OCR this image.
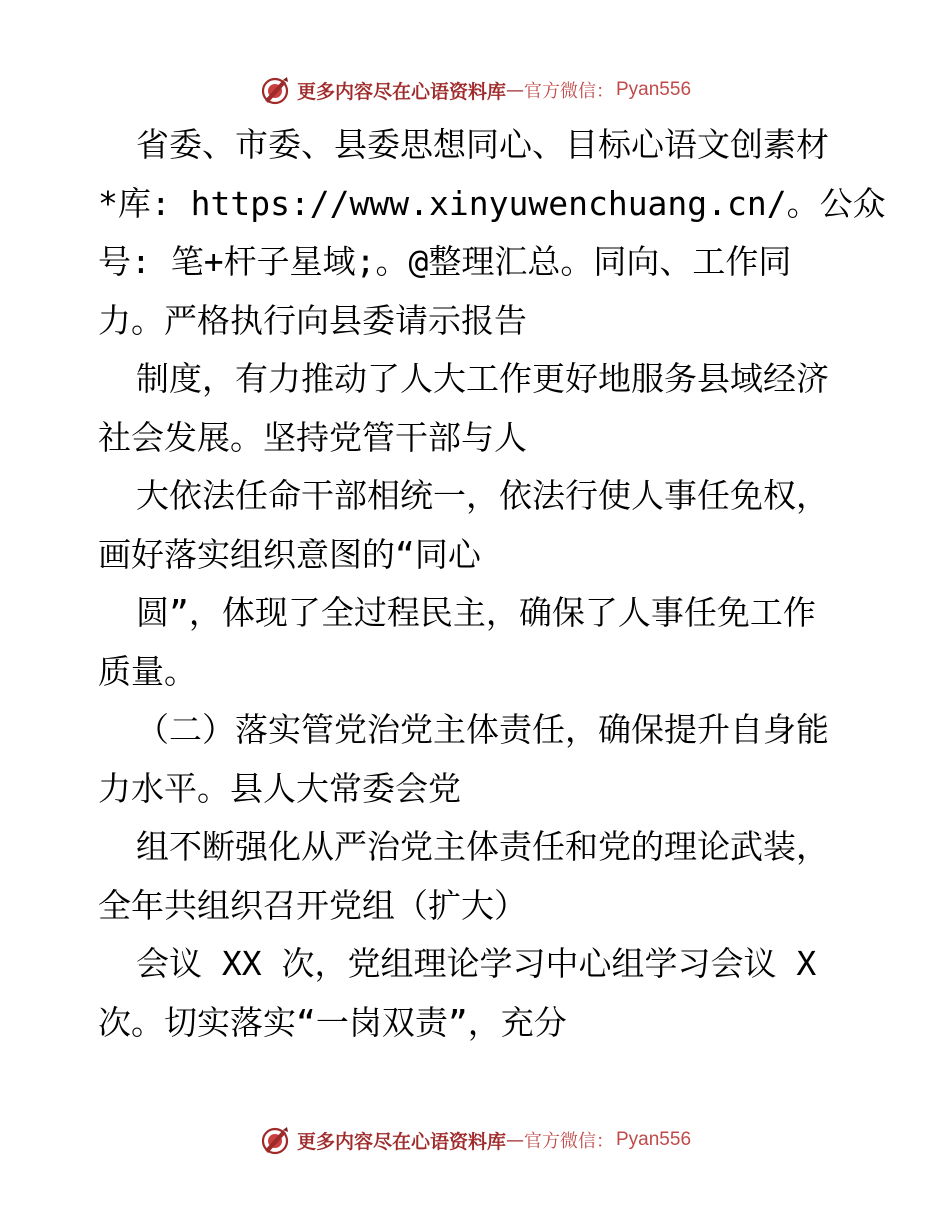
更多内容尽在心语资料库 — 官方微信： Pyan556
省委、市委、县委思想同心、目标心语文创素材
*库: https://www.xinyuwenchuang.cn/。公众
号: 笔+杆子星域;。@整理汇总。同向、工作同
力。严格执行向县委请示报告
制度，有力推动了人大工作更好地服务县域经济
社会发展。坚持党管干部与人
大依法任命干部相统一，依法行使人事任免权，
画好落实组织意图的“同心
圆”，体现了全过程民主，确保了人事任免工作
质量。
（二）落实管党治党主体责任，确保提升自身能
力水平。县人大常委会党
组不断强化从严治党主体责任和党的理论武装，
全年共组织召开党组（扩大）
会议 XX 次，党组理论学习中心组学习会议 X
次。切实落实“一岗双责”，充分
更多内容尽在心语资料库 — 官方微信： Pyan556
